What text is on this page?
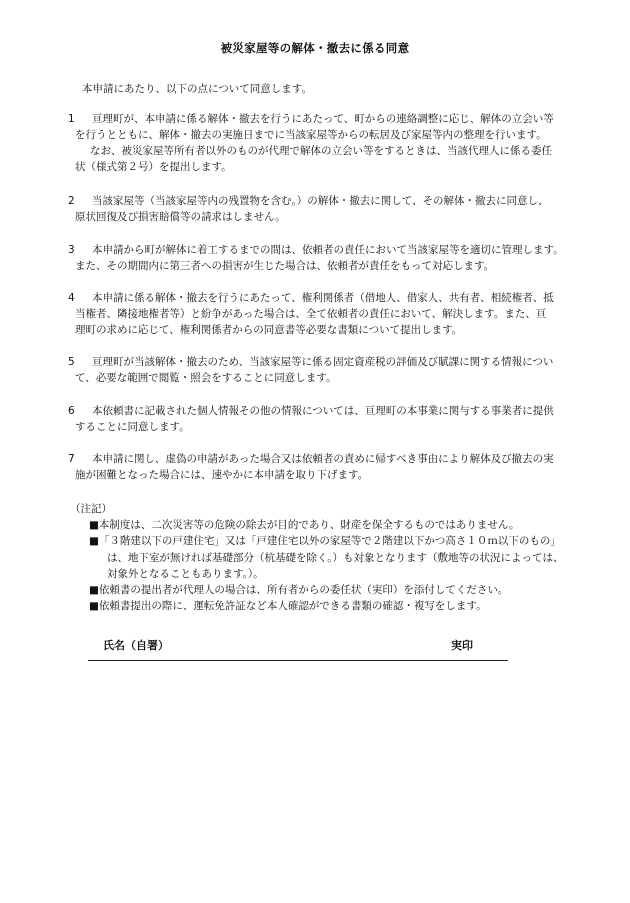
被災家屋等の解体・撤去に係る同意
本申請にあたり、以下の点について同意します。
1 亘理町が、本申請に係る解体・撤去を行うにあたって、町からの連絡調整に応じ、解体の立会い等
を行うとともに、解体・撤去の実施日までに当該家屋等からの転居及び家屋等内の整理を行います。
なお、被災家屋等所有者以外のものが代理で解体の立会い等をするときは、当該代理人に係る委任
状（様式第２号）を提出します。
2 当該家屋等（当該家屋等内の残置物を含む。）の解体・撤去に関して、その解体・撤去に同意し、
原状回復及び損害賠償等の請求はしません。
3 本申請から町が解体に着工するまでの間は、依頼者の責任において当該家屋等を適切に管理します。
また、その期間内に第三者への損害が生じた場合は、依頼者が責任をもって対応します。
4 本申請に係る解体・撤去を行うにあたって、権利関係者（借地人、借家人、共有者、相続権者、抵
当権者、隣接地権者等）と紛争があった場合は、全て依頼者の責任において、解決します。また、亘
理町の求めに応じて、権利関係者からの同意書等必要な書類について提出します。
5 亘理町が当該解体・撤去のため、当該家屋等に係る固定資産税の評価及び賦課に関する情報につい
て、必要な範囲で閲覧・照会をすることに同意します。
6 本依頼書に記載された個人情報その他の情報については、亘理町の本事業に関与する事業者に提供
することに同意します。
7 本申請に関し、虚偽の申請があった場合又は依頼者の責めに帰すべき事由により解体及び撤去の実
施が困難となった場合には、速やかに本申請を取り下げます。
（注記）
■本制度は、二次災害等の危険の除去が目的であり、財産を保全するものではありません。
■「３階建以下の戸建住宅」又は「戸建住宅以外の家屋等で２階建以下かつ高さ１０ｍ以下のもの」
は、地下室が無ければ基礎部分（杭基礎を除く。）も対象となります（敷地等の状況によっては、
対象外となることもあります。）。
■依頼書の提出者が代理人の場合は、所有者からの委任状（実印）を添付してください。
■依頼書提出の際に、運転免許証など本人確認ができる書類の確認・複写をします。
氏名（自署）	実印
